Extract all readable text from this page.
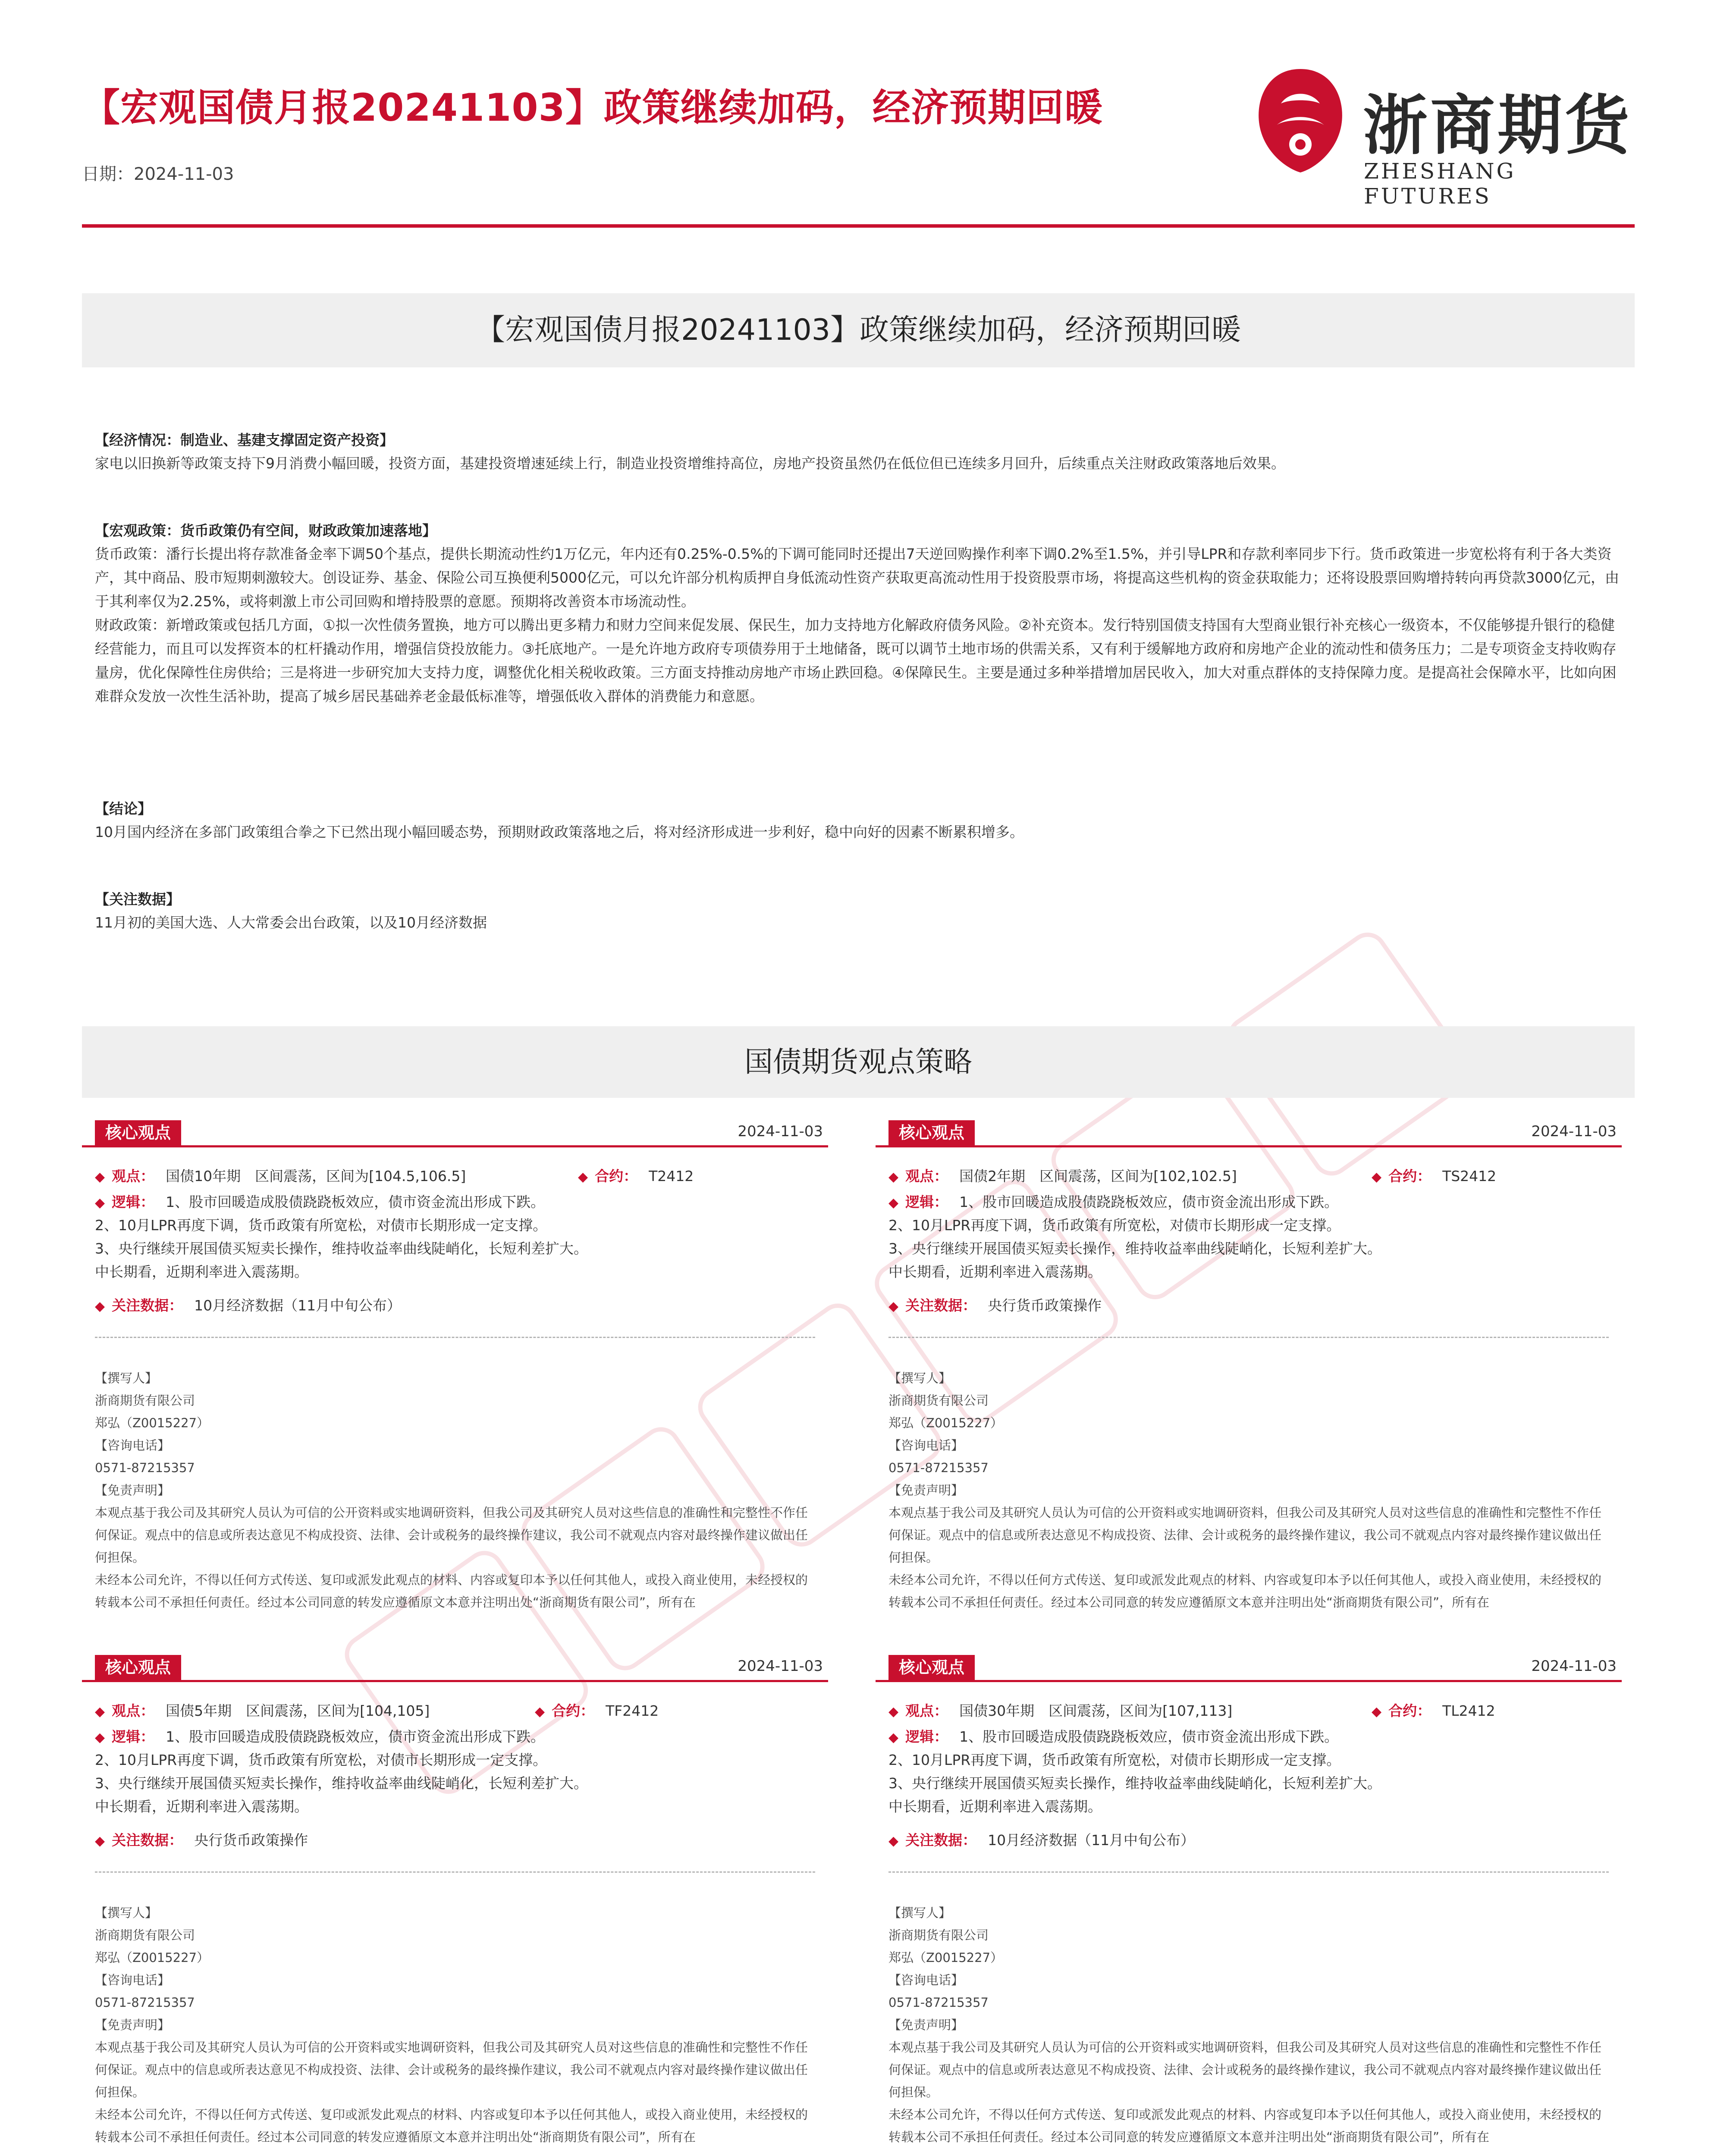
【宏观国债月报20241103】政策继续加码，经济预期回暖
日期：2024-11-03
浙商期货
ZHESHANG FUTURES
【宏观国债月报20241103】政策继续加码，经济预期回暖
【经济情况：制造业、基建支撑固定资产投资】

家电以旧换新等政策支持下9月消费小幅回暖，投资方面，基建投资增速延续上行，制造业投资增维持高位，房地产投资虽然仍在低位但已连续多月回升，后续重点关注财政政策落地后效果。

【宏观政策：货币政策仍有空间，财政政策加速落地】

货币政策：潘行长提出将存款准备金率下调50个基点，提供长期流动性约1万亿元，年内还有0.25%-0.5%的下调可能同时还提出7天逆回购操作利率下调0.2%至1.5%，并引导LPR和存款利率同步下行。货币政策进一步宽松将有利于各大类资产，其中商品、股市短期刺激较大。创设证券、基金、保险公司互换便利5000亿元，可以允许部分机构质押自身低流动性资产获取更高流动性用于投资股票市场，将提高这些机构的资金获取能力；还将设股票回购增持转向再贷款3000亿元，由于其利率仅为2.25%，或将刺激上市公司回购和增持股票的意愿。预期将改善资本市场流动性。

财政政策：新增政策或包括几方面，①拟一次性债务置换，地方可以腾出更多精力和财力空间来促发展、保民生，加力支持地方化解政府债务风险。②补充资本。发行特别国债支持国有大型商业银行补充核心一级资本，不仅能够提升银行的稳健经营能力，而且可以发挥资本的杠杆撬动作用，增强信贷投放能力。③托底地产。一是允许地方政府专项债券用于土地储备，既可以调节土地市场的供需关系，又有利于缓解地方政府和房地产企业的流动性和债务压力；二是专项资金支持收购存量房，优化保障性住房供给；三是将进一步研究加大支持力度，调整优化相关税收政策。三方面支持推动房地产市场止跌回稳。④保障民生。主要是通过多种举措增加居民收入，加大对重点群体的支持保障力度。是提高社会保障水平，比如向困难群众发放一次性生活补助，提高了城乡居民基础养老金最低标准等，增强低收入群体的消费能力和意愿。

【结论】

10月国内经济在多部门政策组合拳之下已然出现小幅回暖态势，预期财政政策落地之后，将对经济形成进一步利好，稳中向好的因素不断累积增多。

【关注数据】

11月初的美国大选、人大常委会出台政策，以及10月经济数据

国债期货观点策略
核心观点	2024-11-03
◆ 观点： 国债10年期　区间震荡，区间为[104.5,106.5]	◆ 合约： T2412
◆ 逻辑： 1、股市回暖造成股债跷跷板效应，债市资金流出形成下跌。
2、10月LPR再度下调，货币政策有所宽松，对债市长期形成一定支撑。
3、央行继续开展国债买短卖长操作，维持收益率曲线陡峭化，长短利差扩大。
中长期看，近期利率进入震荡期。
◆ 关注数据： 10月经济数据（11月中旬公布）

【撰写人】

浙商期货有限公司

郑弘（Z0015227）

【咨询电话】

0571-87215357

【免责声明】

本观点基于我公司及其研究人员认为可信的公开资料或实地调研资料，但我公司及其研究人员对这些信息的准确性和完整性不作任何保证。观点中的信息或所表达意见不构成投资、法律、会计或税务的最终操作建议，我公司不就观点内容对最终操作建议做出任何担保。

未经本公司允许，不得以任何方式传送、复印或派发此观点的材料、内容或复印本予以任何其他人，或投入商业使用，未经授权的转载本公司不承担任何责任。经过本公司同意的转发应遵循原文本意并注明出处“浙商期货有限公司”，所有在

核心观点	2024-11-03
◆ 观点： 国债2年期　区间震荡，区间为[102,102.5]	◆ 合约： TS2412
◆ 逻辑： 1、股市回暖造成股债跷跷板效应，债市资金流出形成下跌。
2、10月LPR再度下调，货币政策有所宽松，对债市长期形成一定支撑。
3、央行继续开展国债买短卖长操作，维持收益率曲线陡峭化，长短利差扩大。
中长期看，近期利率进入震荡期。
◆ 关注数据： 央行货币政策操作

【撰写人】

浙商期货有限公司

郑弘（Z0015227）

【咨询电话】

0571-87215357

【免责声明】

本观点基于我公司及其研究人员认为可信的公开资料或实地调研资料，但我公司及其研究人员对这些信息的准确性和完整性不作任何保证。观点中的信息或所表达意见不构成投资、法律、会计或税务的最终操作建议，我公司不就观点内容对最终操作建议做出任何担保。

未经本公司允许，不得以任何方式传送、复印或派发此观点的材料、内容或复印本予以任何其他人，或投入商业使用，未经授权的转载本公司不承担任何责任。经过本公司同意的转发应遵循原文本意并注明出处“浙商期货有限公司”，所有在

核心观点	2024-11-03
◆ 观点： 国债5年期　区间震荡，区间为[104,105]	◆ 合约： TF2412
◆ 逻辑： 1、股市回暖造成股债跷跷板效应，债市资金流出形成下跌。
2、10月LPR再度下调，货币政策有所宽松，对债市长期形成一定支撑。
3、央行继续开展国债买短卖长操作，维持收益率曲线陡峭化，长短利差扩大。
中长期看，近期利率进入震荡期。
◆ 关注数据： 央行货币政策操作

【撰写人】

浙商期货有限公司

郑弘（Z0015227）

【咨询电话】

0571-87215357

【免责声明】

本观点基于我公司及其研究人员认为可信的公开资料或实地调研资料，但我公司及其研究人员对这些信息的准确性和完整性不作任何保证。观点中的信息或所表达意见不构成投资、法律、会计或税务的最终操作建议，我公司不就观点内容对最终操作建议做出任何担保。

未经本公司允许，不得以任何方式传送、复印或派发此观点的材料、内容或复印本予以任何其他人，或投入商业使用，未经授权的转载本公司不承担任何责任。经过本公司同意的转发应遵循原文本意并注明出处“浙商期货有限公司”，所有在

核心观点	2024-11-03
◆ 观点： 国债30年期　区间震荡，区间为[107,113]	◆ 合约： TL2412
◆ 逻辑： 1、股市回暖造成股债跷跷板效应，债市资金流出形成下跌。
2、10月LPR再度下调，货币政策有所宽松，对债市长期形成一定支撑。
3、央行继续开展国债买短卖长操作，维持收益率曲线陡峭化，长短利差扩大。
中长期看，近期利率进入震荡期。
◆ 关注数据： 10月经济数据（11月中旬公布）

【撰写人】

浙商期货有限公司

郑弘（Z0015227）

【咨询电话】

0571-87215357

【免责声明】

本观点基于我公司及其研究人员认为可信的公开资料或实地调研资料，但我公司及其研究人员对这些信息的准确性和完整性不作任何保证。观点中的信息或所表达意见不构成投资、法律、会计或税务的最终操作建议，我公司不就观点内容对最终操作建议做出任何担保。

未经本公司允许，不得以任何方式传送、复印或派发此观点的材料、内容或复印本予以任何其他人，或投入商业使用，未经授权的转载本公司不承担任何责任。经过本公司同意的转发应遵循原文本意并注明出处“浙商期货有限公司”，所有在
